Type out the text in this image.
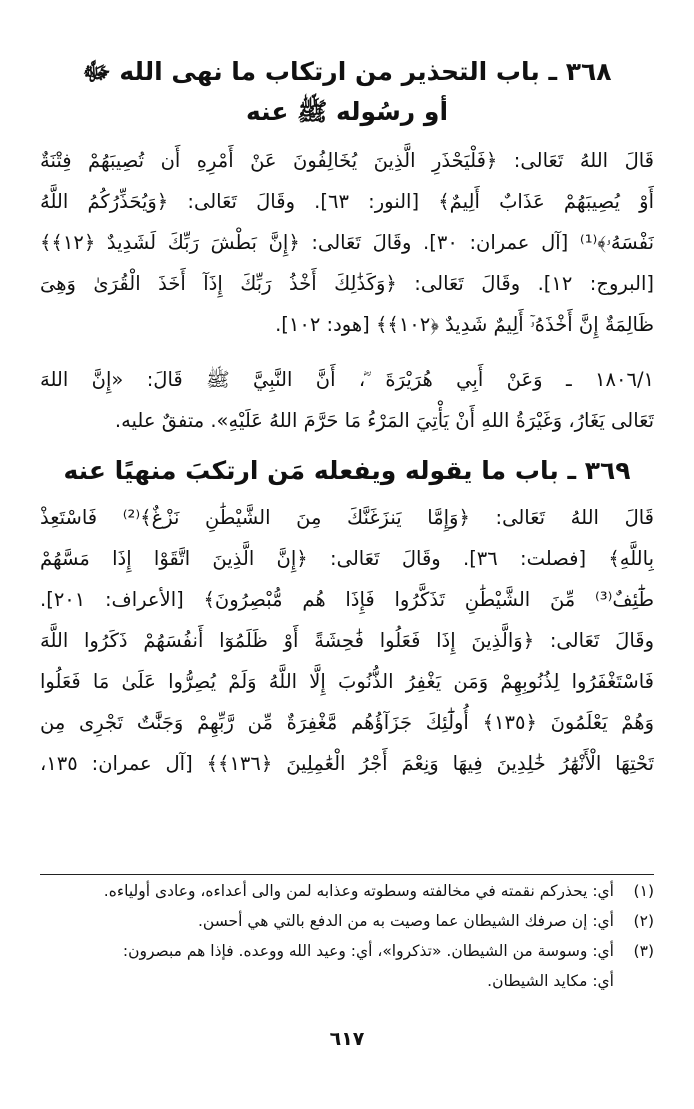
٣٦٨ ـ باب التحذير من ارتكاب ما نهى الله ﷻ
أو رسُوله ﷺ عنه

قَالَ اللهُ تَعَالى: ﴿فَلْيَحْذَرِ الَّذِينَ يُخَالِفُونَ عَنْ أَمْرِهِ أَن تُصِيبَهُمْ فِتْنَةٌ
أَوْ يُصِيبَهُمْ عَذَابٌ أَلِيمٌ﴾ [النور: ٦٣]. وقَالَ تَعَالى: ﴿وَيُحَذِّرُكُمُ اللَّهُ
نَفْسَهُۥ﴾⁽¹⁾ [آل عمران: ٣٠]. وقَالَ تَعَالى: ﴿إِنَّ بَطْشَ رَبِّكَ لَشَدِيدٌ ﴿١٢﴾﴾
[البروج: ١٢]. وقَالَ تَعَالى: ﴿وَكَذَٰلِكَ أَخْذُ رَبِّكَ إِذَآ أَخَذَ الْقُرَىٰ وَهِىَ
ظَالِمَةٌ إِنَّ أَخْذَهُۥٓ أَلِيمٌ شَدِيدٌ ﴿١٠٢﴾﴾ [هود: ١٠٢].

١٨٠٦/١ ـ وَعَنْ أَبِي هُرَيْرَةَ ؓ، أَنَّ النَّبِيَّ ﷺ قَالَ: «إِنَّ اللهَ
تَعَالى يَغَارُ، وَغَيْرَةُ اللهِ أَنْ يَأْتِيَ المَرْءُ مَا حَرَّمَ اللهُ عَلَيْهِ». متفقٌ عليه.

٣٦٩ ـ باب ما يقوله ويفعله مَن ارتكبَ منهيًا عنه

قَالَ اللهُ تَعَالى: ﴿وَإِمَّا يَنزَغَنَّكَ مِنَ الشَّيْطَٰنِ نَزْغٌ﴾⁽²⁾ فَاسْتَعِذْ
بِاللَّهِ﴾ [فصلت: ٣٦]. وقَالَ تَعَالى: ﴿إِنَّ الَّذِينَ اتَّقَوْا إِذَا مَسَّهُمْ
طَٰٓئِفٌ⁽³⁾ مِّنَ الشَّيْطَٰنِ تَذَكَّرُوا فَإِذَا هُم مُّبْصِرُونَ﴾ [الأعراف: ٢٠١].
وقَالَ تَعَالى: ﴿وَالَّذِينَ إِذَا فَعَلُوا فَٰحِشَةً أَوْ ظَلَمُوٓا أَنفُسَهُمْ ذَكَرُوا اللَّهَ
فَاسْتَغْفَرُوا لِذُنُوبِهِمْ وَمَن يَغْفِرُ الذُّنُوبَ إِلَّا اللَّهُ وَلَمْ يُصِرُّوا عَلَىٰ مَا فَعَلُوا
وَهُمْ يَعْلَمُونَ ﴿١٣٥﴾ أُولَٰٓئِكَ جَزَآؤُهُم مَّغْفِرَةٌ مِّن رَّبِّهِمْ وَجَنَّٰتٌ تَجْرِى مِن
تَحْتِهَا الْأَنْهَٰرُ خَٰلِدِينَ فِيهَا وَنِعْمَ أَجْرُ الْعَٰمِلِينَ ﴿١٣٦﴾﴾ [آل عمران: ١٣٥،

(١)
أي: يحذركم نقمته في مخالفته وسطوته وعذابه لمن والى أعداءه، وعادى أولياءه.
(٢)
أي: إن صرفك الشيطان عما وصيت به من الدفع بالتي هي أحسن.
(٣)
أي: وسوسة من الشيطان. «تذكروا»، أي: وعيد الله ووعده. فإذا هم مبصرون:
أي: مكايد الشيطان.
٦١٧
